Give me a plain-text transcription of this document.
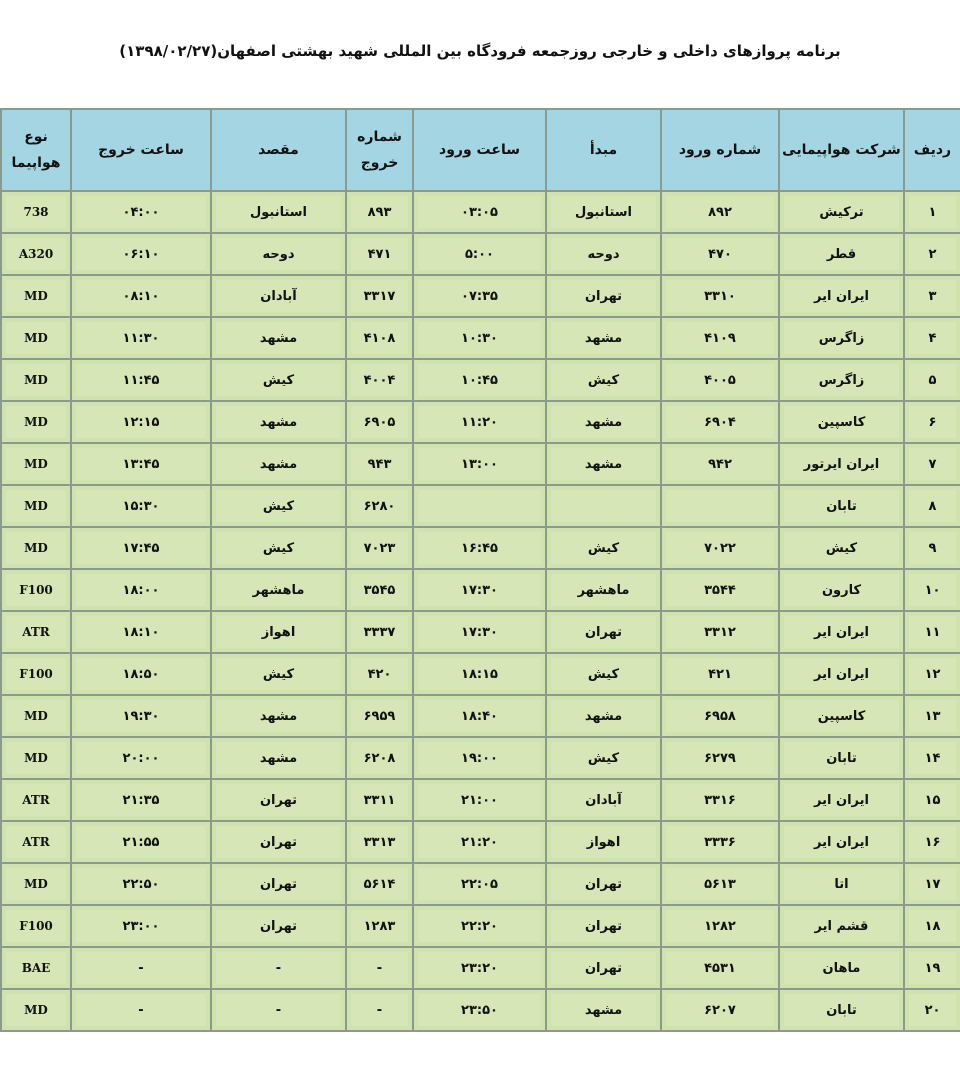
برنامه پروازهای داخلی و خارجی روزجمعه فرودگاه بین المللی شهید بهشتی اصفهان(۱۳۹۸/۰۲/۲۷)
ردیف	شرکت هواپیمایی	شماره ورود	مبدأ	ساعت ورود	شماره خروج	مقصد	ساعت خروج	نوع هواپیما
۱	ترکیش	۸۹۲	استانبول	۰۳:۰۵	۸۹۳	استانبول	۰۴:۰۰	738
۲	قطر	۴۷۰	دوحه	۵:۰۰	۴۷۱	دوحه	۰۶:۱۰	A320
۳	ایران ایر	۳۳۱۰	تهران	۰۷:۳۵	۳۳۱۷	آبادان	۰۸:۱۰	MD
۴	زاگرس	۴۱۰۹	مشهد	۱۰:۳۰	۴۱۰۸	مشهد	۱۱:۳۰	MD
۵	زاگرس	۴۰۰۵	کیش	۱۰:۴۵	۴۰۰۴	کیش	۱۱:۴۵	MD
۶	کاسپین	۶۹۰۴	مشهد	۱۱:۲۰	۶۹۰۵	مشهد	۱۲:۱۵	MD
۷	ایران ایرتور	۹۴۲	مشهد	۱۳:۰۰	۹۴۳	مشهد	۱۳:۴۵	MD
۸	تابان				۶۲۸۰	کیش	۱۵:۳۰	MD
۹	کیش	۷۰۲۲	کیش	۱۶:۴۵	۷۰۲۳	کیش	۱۷:۴۵	MD
۱۰	کارون	۳۵۴۴	ماهشهر	۱۷:۳۰	۳۵۴۵	ماهشهر	۱۸:۰۰	F100
۱۱	ایران ایر	۳۳۱۲	تهران	۱۷:۳۰	۳۳۳۷	اهواز	۱۸:۱۰	ATR
۱۲	ایران ایر	۴۲۱	کیش	۱۸:۱۵	۴۲۰	کیش	۱۸:۵۰	F100
۱۳	کاسپین	۶۹۵۸	مشهد	۱۸:۴۰	۶۹۵۹	مشهد	۱۹:۳۰	MD
۱۴	تابان	۶۲۷۹	کیش	۱۹:۰۰	۶۲۰۸	مشهد	۲۰:۰۰	MD
۱۵	ایران ایر	۳۳۱۶	آبادان	۲۱:۰۰	۳۳۱۱	تهران	۲۱:۳۵	ATR
۱۶	ایران ایر	۳۳۳۶	اهواز	۲۱:۲۰	۳۳۱۳	تهران	۲۱:۵۵	ATR
۱۷	اتا	۵۶۱۳	تهران	۲۲:۰۵	۵۶۱۴	تهران	۲۲:۵۰	MD
۱۸	قشم ایر	۱۲۸۲	تهران	۲۲:۲۰	۱۲۸۳	تهران	۲۳:۰۰	F100
۱۹	ماهان	۴۵۳۱	تهران	۲۳:۲۰	-	-	-	BAE
۲۰	تابان	۶۲۰۷	مشهد	۲۳:۵۰	-	-	-	MD
